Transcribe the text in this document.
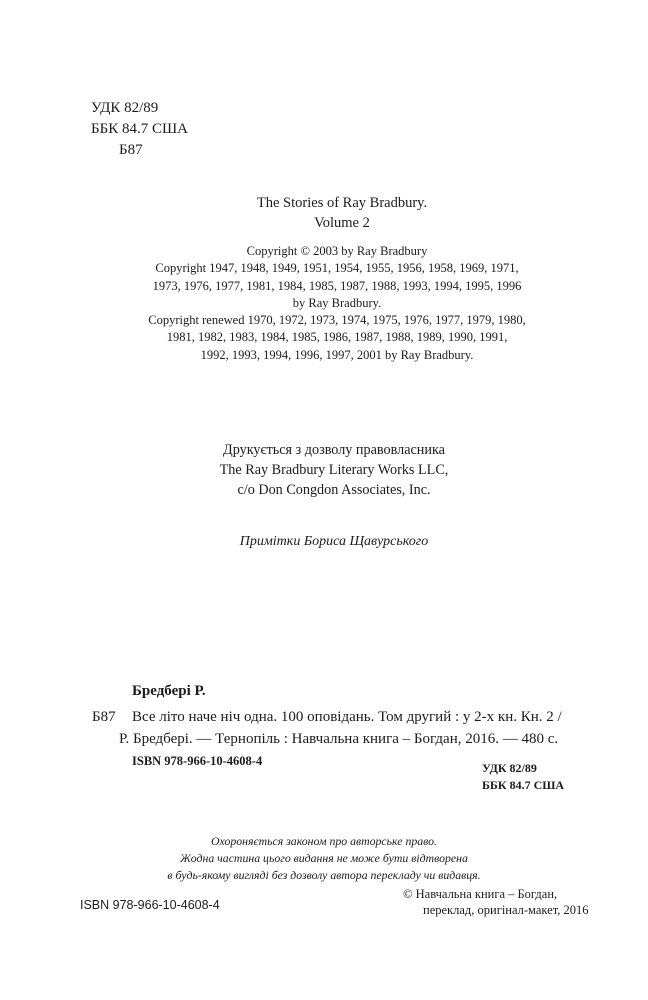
УДК 82/89
ББК 84.7 США
Б87
The Stories of Ray Bradbury.
Volume 2
Copyright © 2003 by Ray Bradbury
Copyright 1947, 1948, 1949, 1951, 1954, 1955, 1956, 1958, 1969, 1971,
1973, 1976, 1977, 1981, 1984, 1985, 1987, 1988, 1993, 1994, 1995, 1996
by Ray Bradbury.
Copyright renewed 1970, 1972, 1973, 1974, 1975, 1976, 1977, 1979, 1980,
1981, 1982, 1983, 1984, 1985, 1986, 1987, 1988, 1989, 1990, 1991,
1992, 1993, 1994, 1996, 1997, 2001 by Ray Bradbury.
Друкується з дозволу правовласника
The Ray Bradbury Literary Works LLC,
c/o Don Congdon Associates, Inc.
Примітки Бориса Щавурського
Бредбері Р.
Б87 Все літо наче ніч одна. 100 оповідань. Том другий : у 2-х кн. Кн. 2 /
Р. Бредбері. — Тернопіль : Навчальна книга – Богдан, 2016. — 480 с.
ISBN 978-966-10-4608-4	УДК 82/89
ББК 84.7 США
Охороняється законом про авторське право.
Жодна частина цього видання не може бути відтворена
в будь-якому вигляді без дозволу автора перекладу чи видавця.
ISBN 978-966-10-4608-4
© Навчальна книга – Богдан,
переклад, оригінал-макет, 2016
